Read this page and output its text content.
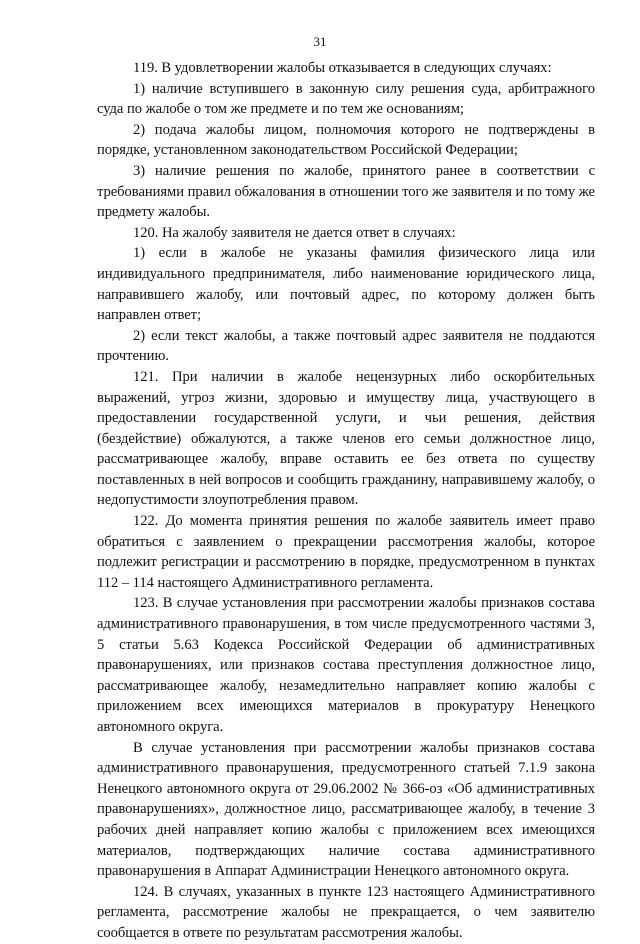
31

119. В удовлетворении жалобы отказывается в следующих случаях:

1) наличие вступившего в законную силу решения суда, арбитражного суда по жалобе о том же предмете и по тем же основаниям;

2) подача жалобы лицом, полномочия которого не подтверждены в порядке, установленном законодательством Российской Федерации;

3) наличие решения по жалобе, принятого ранее в соответствии с требованиями правил обжалования в отношении того же заявителя и по тому же предмету жалобы.

120. На жалобу заявителя не дается ответ в случаях:

1) если в жалобе не указаны фамилия физического лица или индивидуального предпринимателя, либо наименование юридического лица, направившего жалобу, или почтовый адрес, по которому должен быть направлен ответ;

2) если текст жалобы, а также почтовый адрес заявителя не поддаются прочтению.

121. При наличии в жалобе нецензурных либо оскорбительных выражений, угроз жизни, здоровью и имуществу лица, участвующего в предоставлении государственной услуги, и чьи решения, действия (бездействие) обжалуются, а также членов его семьи должностное лицо, рассматривающее жалобу, вправе оставить ее без ответа по существу поставленных в ней вопросов и сообщить гражданину, направившему жалобу, о недопустимости злоупотребления правом.

122. До момента принятия решения по жалобе заявитель имеет право обратиться с заявлением о прекращении рассмотрения жалобы, которое подлежит регистрации и рассмотрению в порядке, предусмотренном в пунктах 112 – 114 настоящего Административного регламента.

123. В случае установления при рассмотрении жалобы признаков состава административного правонарушения, в том числе предусмотренного частями 3, 5 статьи 5.63 Кодекса Российской Федерации об административных правонарушениях, или признаков состава преступления должностное лицо, рассматривающее жалобу, незамедлительно направляет копию жалобы с приложением всех имеющихся материалов в прокуратуру Ненецкого автономного округа.

В случае установления при рассмотрении жалобы признаков состава административного правонарушения, предусмотренного статьей 7.1.9 закона Ненецкого автономного округа от 29.06.2002 № 366-оз «Об административных правонарушениях», должностное лицо, рассматривающее жалобу, в течение 3 рабочих дней направляет копию жалобы с приложением всех имеющихся материалов, подтверждающих наличие состава административного правонарушения в Аппарат Администрации Ненецкого автономного округа.

124. В случаях, указанных в пункте 123 настоящего Административного регламента, рассмотрение жалобы не прекращается, о чем заявителю сообщается в ответе по результатам рассмотрения жалобы.
